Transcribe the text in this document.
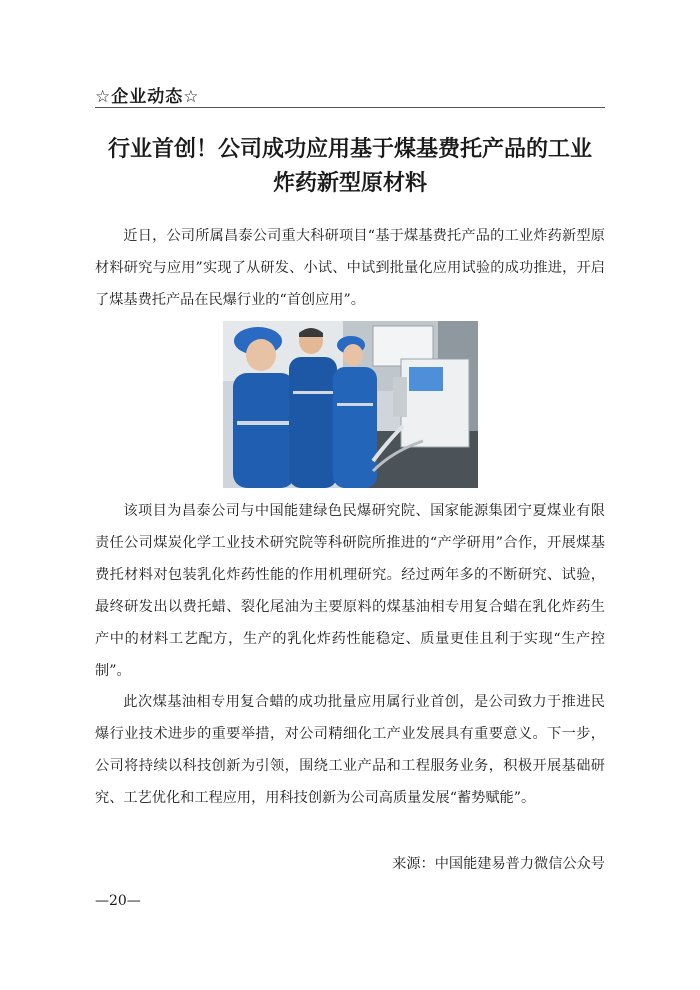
☆企业动态☆
行业首创！公司成功应用基于煤基费托产品的工业
炸药新型原材料

近日，公司所属昌泰公司重大科研项目“基于煤基费托产品的工业炸药新型原材料研究与应用”实现了从研发、小试、中试到批量化应用试验的成功推进，开启了煤基费托产品在民爆行业的“首创应用”。

该项目为昌泰公司与中国能建绿色民爆研究院、国家能源集团宁夏煤业有限责任公司煤炭化学工业技术研究院等科研院所推进的“产学研用”合作，开展煤基费托材料对包装乳化炸药性能的作用机理研究。经过两年多的不断研究、试验，最终研发出以费托蜡、裂化尾油为主要原料的煤基油相专用复合蜡在乳化炸药生产中的材料工艺配方，生产的乳化炸药性能稳定、质量更佳且利于实现“生产控制”。

此次煤基油相专用复合蜡的成功批量应用属行业首创，是公司致力于推进民爆行业技术进步的重要举措，对公司精细化工产业发展具有重要意义。下一步，公司将持续以科技创新为引领，围绕工业产品和工程服务业务，积极开展基础研究、工艺优化和工程应用，用科技创新为公司高质量发展“蓄势赋能”。

来源：中国能建易普力微信公众号
—20—
